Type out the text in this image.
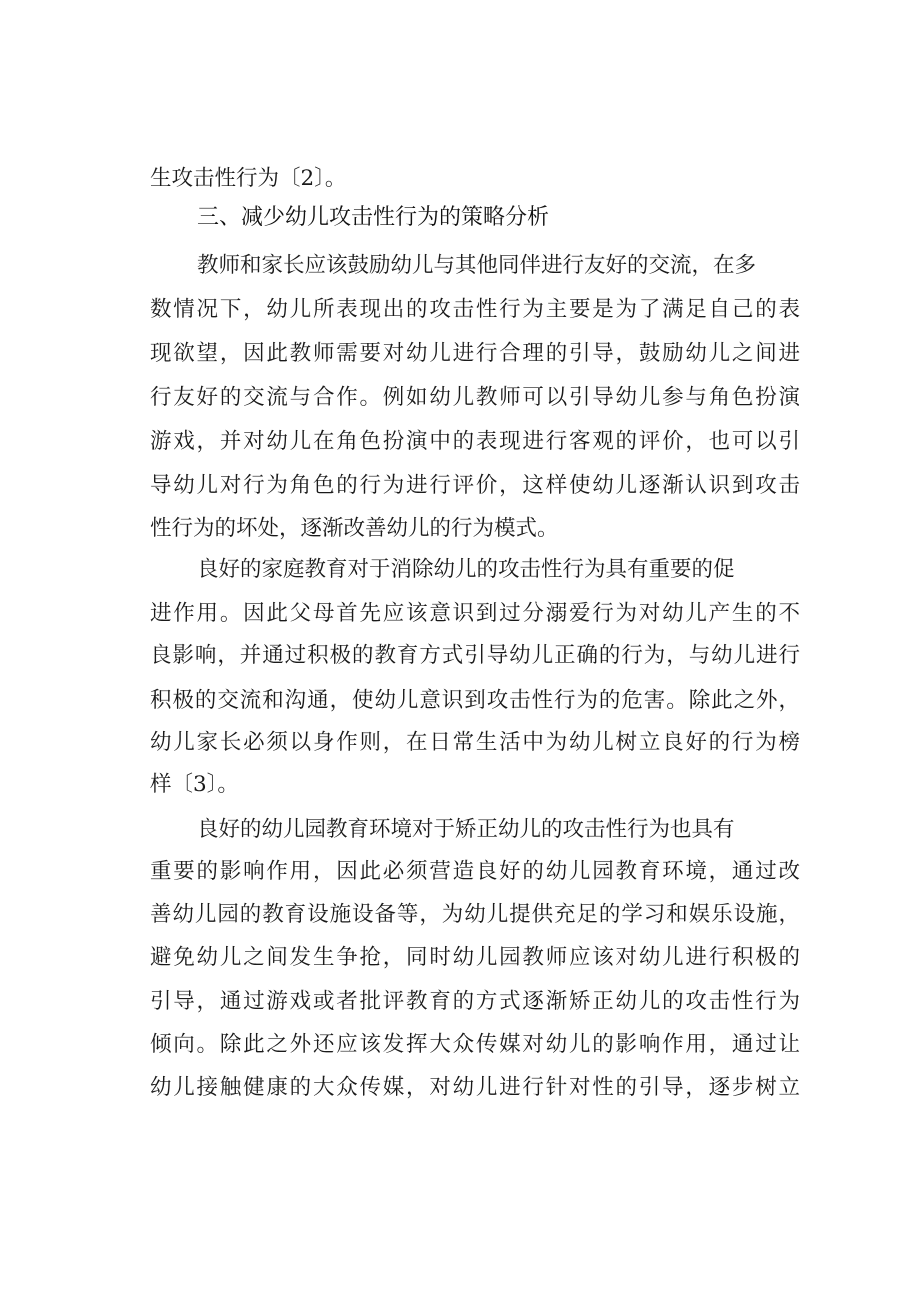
生攻击性行为〔2〕。
三、减少幼儿攻击性行为的策略分析
教师和家长应该鼓励幼儿与其他同伴进行友好的交流，在多
数情况下，幼儿所表现出的攻击性行为主要是为了满足自己的表
现欲望，因此教师需要对幼儿进行合理的引导，鼓励幼儿之间进
行友好的交流与合作。例如幼儿教师可以引导幼儿参与角色扮演
游戏，并对幼儿在角色扮演中的表现进行客观的评价，也可以引
导幼儿对行为角色的行为进行评价，这样使幼儿逐渐认识到攻击
性行为的坏处，逐渐改善幼儿的行为模式。
良好的家庭教育对于消除幼儿的攻击性行为具有重要的促
进作用。因此父母首先应该意识到过分溺爱行为对幼儿产生的不
良影响，并通过积极的教育方式引导幼儿正确的行为，与幼儿进行
积极的交流和沟通，使幼儿意识到攻击性行为的危害。除此之外，
幼儿家长必须以身作则，在日常生活中为幼儿树立良好的行为榜
样〔3〕。
良好的幼儿园教育环境对于矫正幼儿的攻击性行为也具有
重要的影响作用，因此必须营造良好的幼儿园教育环境，通过改
善幼儿园的教育设施设备等，为幼儿提供充足的学习和娱乐设施，
避免幼儿之间发生争抢，同时幼儿园教师应该对幼儿进行积极的
引导，通过游戏或者批评教育的方式逐渐矫正幼儿的攻击性行为
倾向。除此之外还应该发挥大众传媒对幼儿的影响作用，通过让
幼儿接触健康的大众传媒，对幼儿进行针对性的引导，逐步树立
